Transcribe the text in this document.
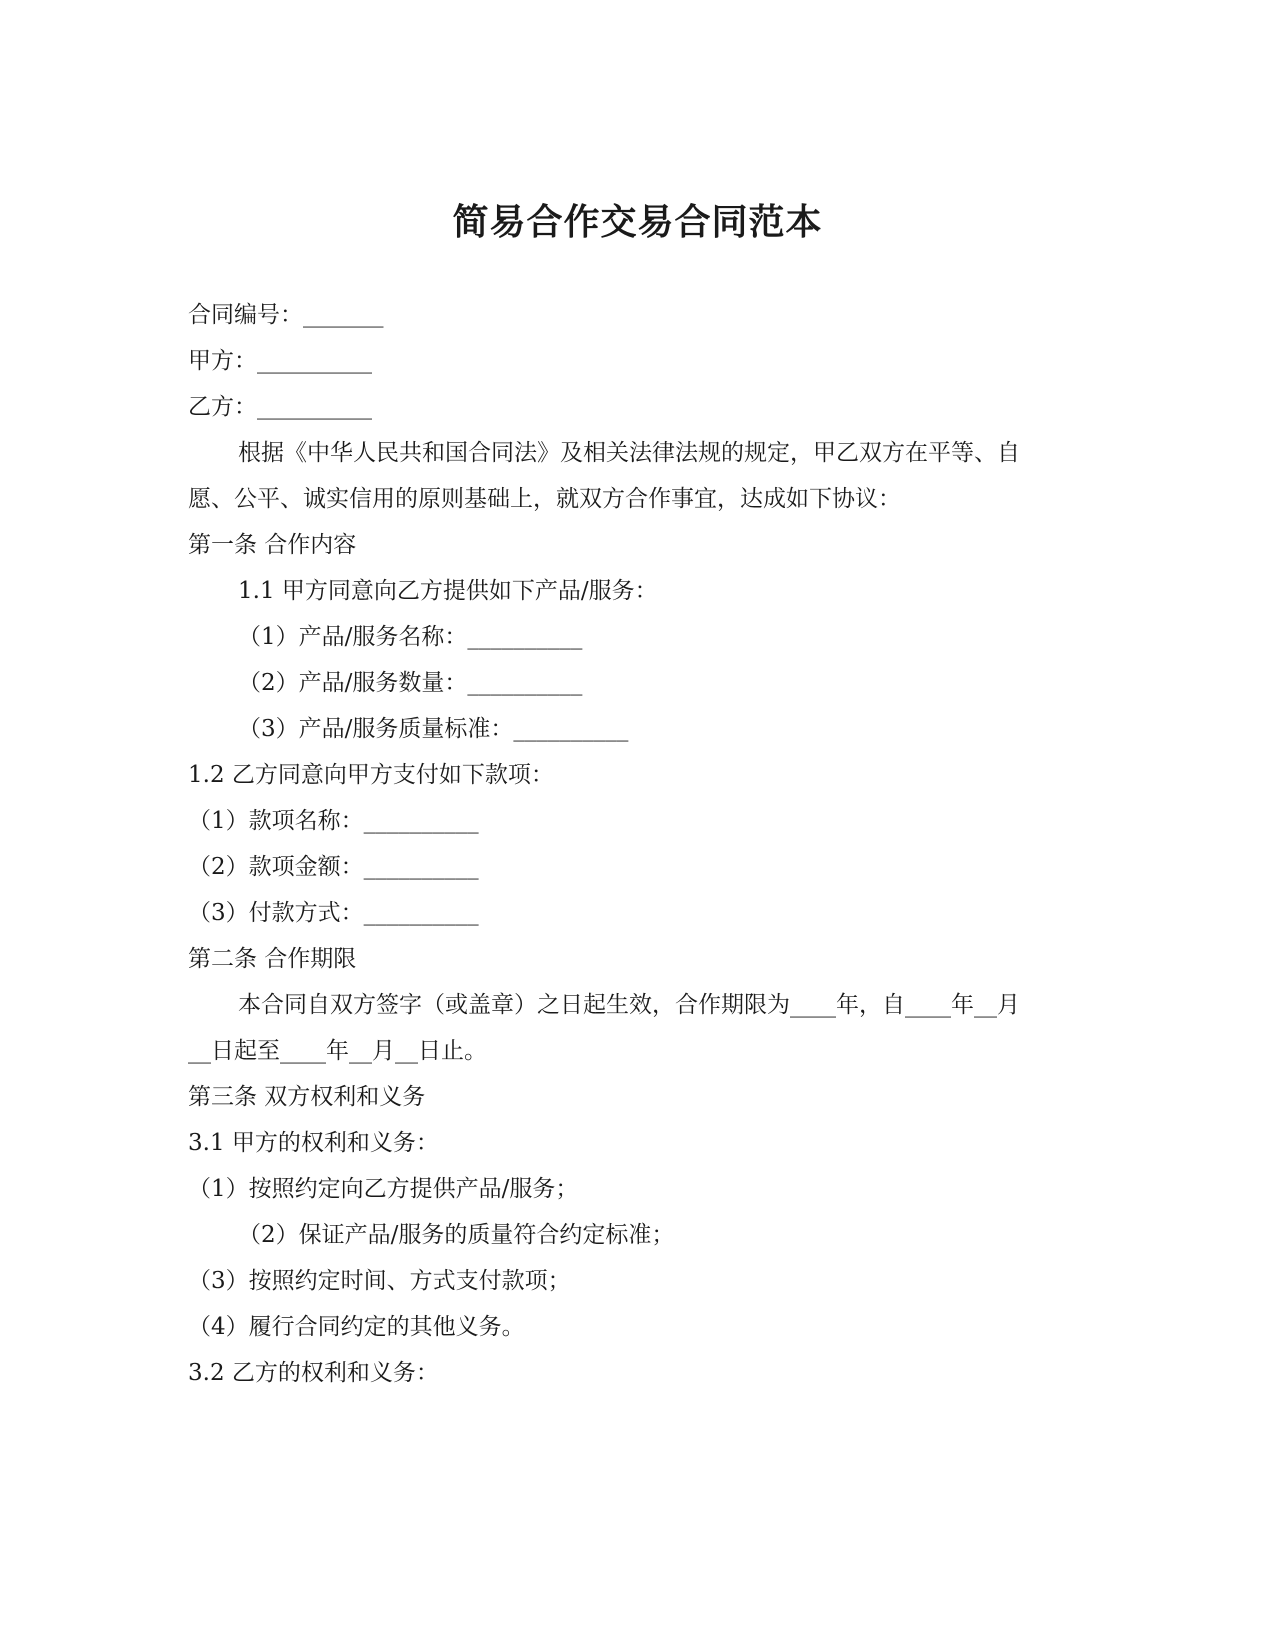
简易合作交易合同范本
合同编号：_______
甲方：__________
乙方：__________
根据《中华人民共和国合同法》及相关法律法规的规定，甲乙双方在平等、自
愿、公平、诚实信用的原则基础上，就双方合作事宜，达成如下协议：
第一条 合作内容
1.1 甲方同意向乙方提供如下产品/服务：
（1）产品/服务名称：__________
（2）产品/服务数量：__________
（3）产品/服务质量标准：__________
1.2 乙方同意向甲方支付如下款项：
（1）款项名称：__________
（2）款项金额：__________
（3）付款方式：__________
第二条 合作期限
本合同自双方签字（或盖章）之日起生效，合作期限为____年，自____年__月
__日起至____年__月__日止。
第三条 双方权利和义务
3.1 甲方的权利和义务：
（1）按照约定向乙方提供产品/服务；
（2）保证产品/服务的质量符合约定标准；
（3）按照约定时间、方式支付款项；
（4）履行合同约定的其他义务。
3.2 乙方的权利和义务：
